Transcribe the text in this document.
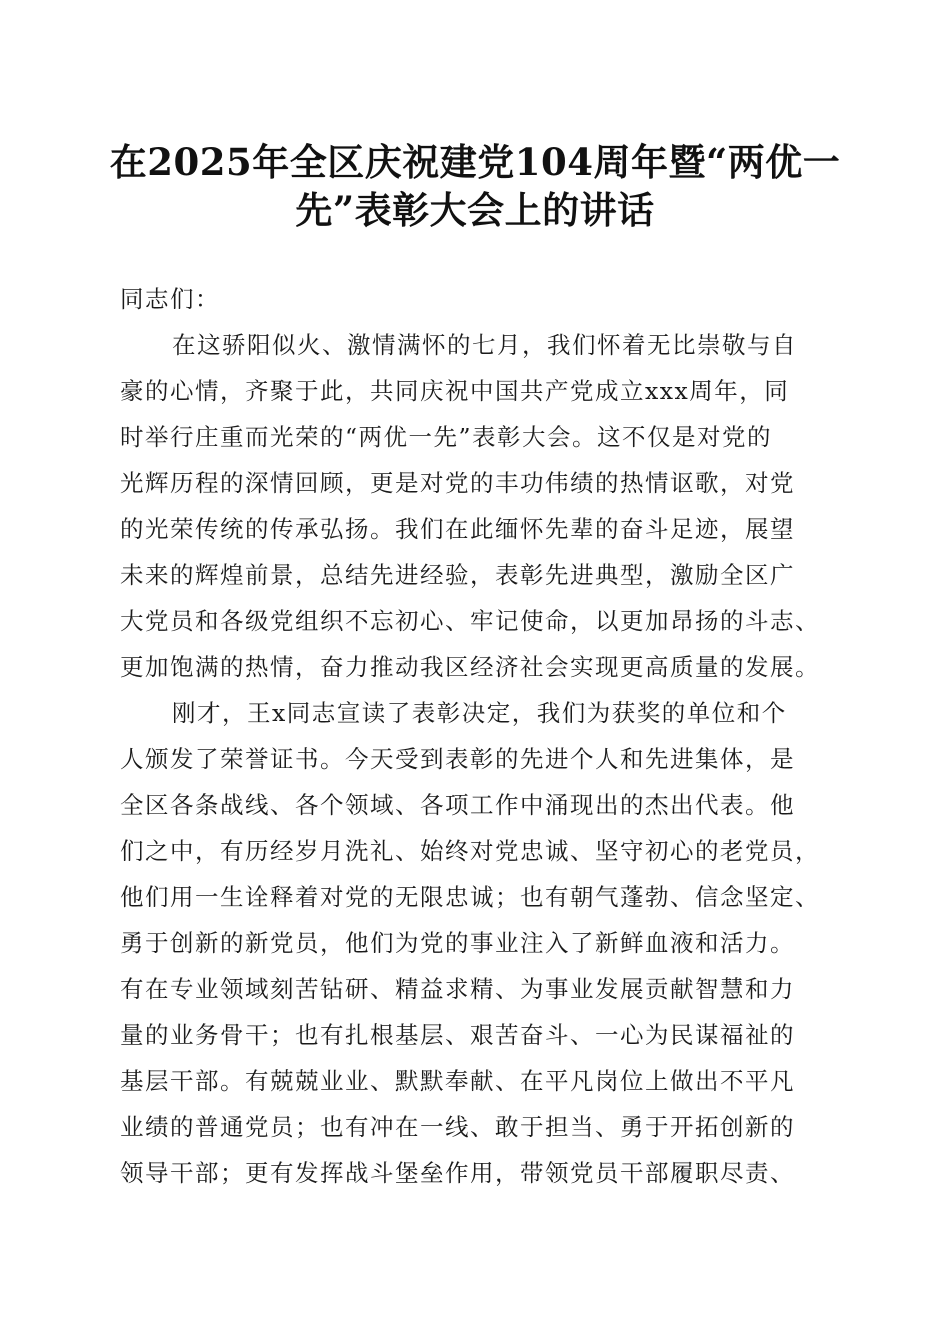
在2025年全区庆祝建党104周年暨“两优一
先”表彰大会上的讲话
同志们：
在这骄阳似火、激情满怀的七月，我们怀着无比崇敬与自
豪的心情，齐聚于此，共同庆祝中国共产党成立xxx周年，同
时举行庄重而光荣的“两优一先”表彰大会。这不仅是对党的
光辉历程的深情回顾，更是对党的丰功伟绩的热情讴歌，对党
的光荣传统的传承弘扬。我们在此缅怀先辈的奋斗足迹，展望
未来的辉煌前景，总结先进经验，表彰先进典型，激励全区广
大党员和各级党组织不忘初心、牢记使命，以更加昂扬的斗志、
更加饱满的热情，奋力推动我区经济社会实现更高质量的发展。
刚才，王x同志宣读了表彰决定，我们为获奖的单位和个
人颁发了荣誉证书。今天受到表彰的先进个人和先进集体，是
全区各条战线、各个领域、各项工作中涌现出的杰出代表。他
们之中，有历经岁月洗礼、始终对党忠诚、坚守初心的老党员，
他们用一生诠释着对党的无限忠诚；也有朝气蓬勃、信念坚定、
勇于创新的新党员，他们为党的事业注入了新鲜血液和活力。
有在专业领域刻苦钻研、精益求精、为事业发展贡献智慧和力
量的业务骨干；也有扎根基层、艰苦奋斗、一心为民谋福祉的
基层干部。有兢兢业业、默默奉献、在平凡岗位上做出不平凡
业绩的普通党员；也有冲在一线、敢于担当、勇于开拓创新的
领导干部；更有发挥战斗堡垒作用，带领党员干部履职尽责、
